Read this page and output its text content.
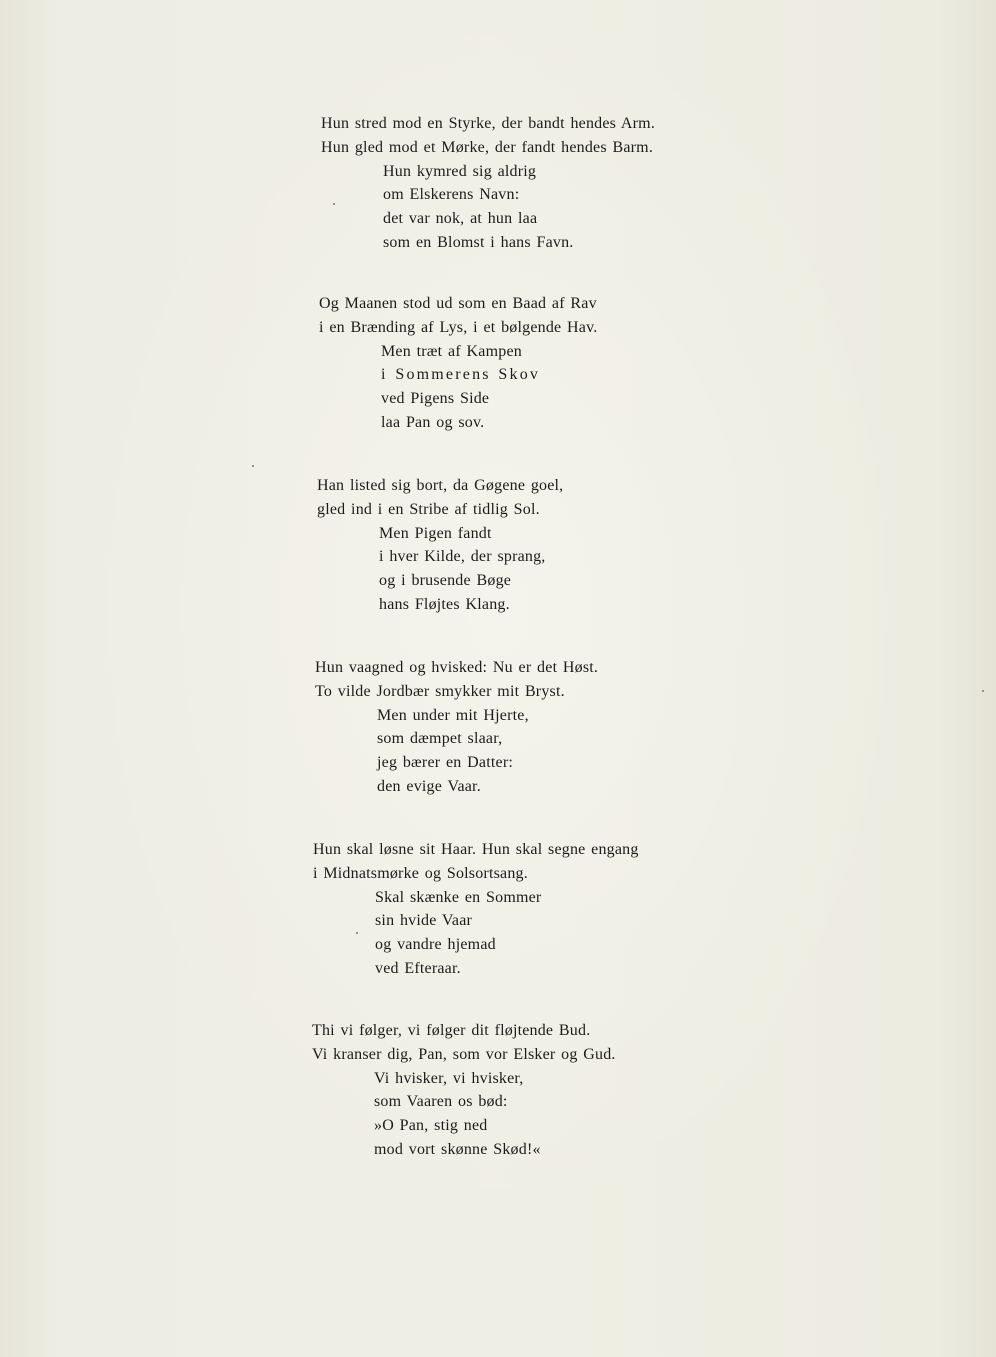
Hun stred mod en Styrke, der bandt hendes Arm.
Hun gled mod et Mørke, der fandt hendes Barm.
Hun kymred sig aldrig
om Elskerens Navn:
det var nok, at hun laa
som en Blomst i hans Favn.
Og Maanen stod ud som en Baad af Rav
i en Brænding af Lys, i et bølgende Hav.
Men træt af Kampen
i Sommerens Skov
ved Pigens Side
laa Pan og sov.
Han listed sig bort, da Gøgene goel,
gled ind i en Stribe af tidlig Sol.
Men Pigen fandt
i hver Kilde, der sprang,
og i brusende Bøge
hans Fløjtes Klang.
Hun vaagned og hvisked: Nu er det Høst.
To vilde Jordbær smykker mit Bryst.
Men under mit Hjerte,
som dæmpet slaar,
jeg bærer en Datter:
den evige Vaar.
Hun skal løsne sit Haar. Hun skal segne engang
i Midnatsmørke og Solsortsang.
Skal skænke en Sommer
sin hvide Vaar
og vandre hjemad
ved Efteraar.
Thi vi følger, vi følger dit fløjtende Bud.
Vi kranser dig, Pan, som vor Elsker og Gud.
Vi hvisker, vi hvisker,
som Vaaren os bød:
»O Pan, stig ned
mod vort skønne Skød!«
